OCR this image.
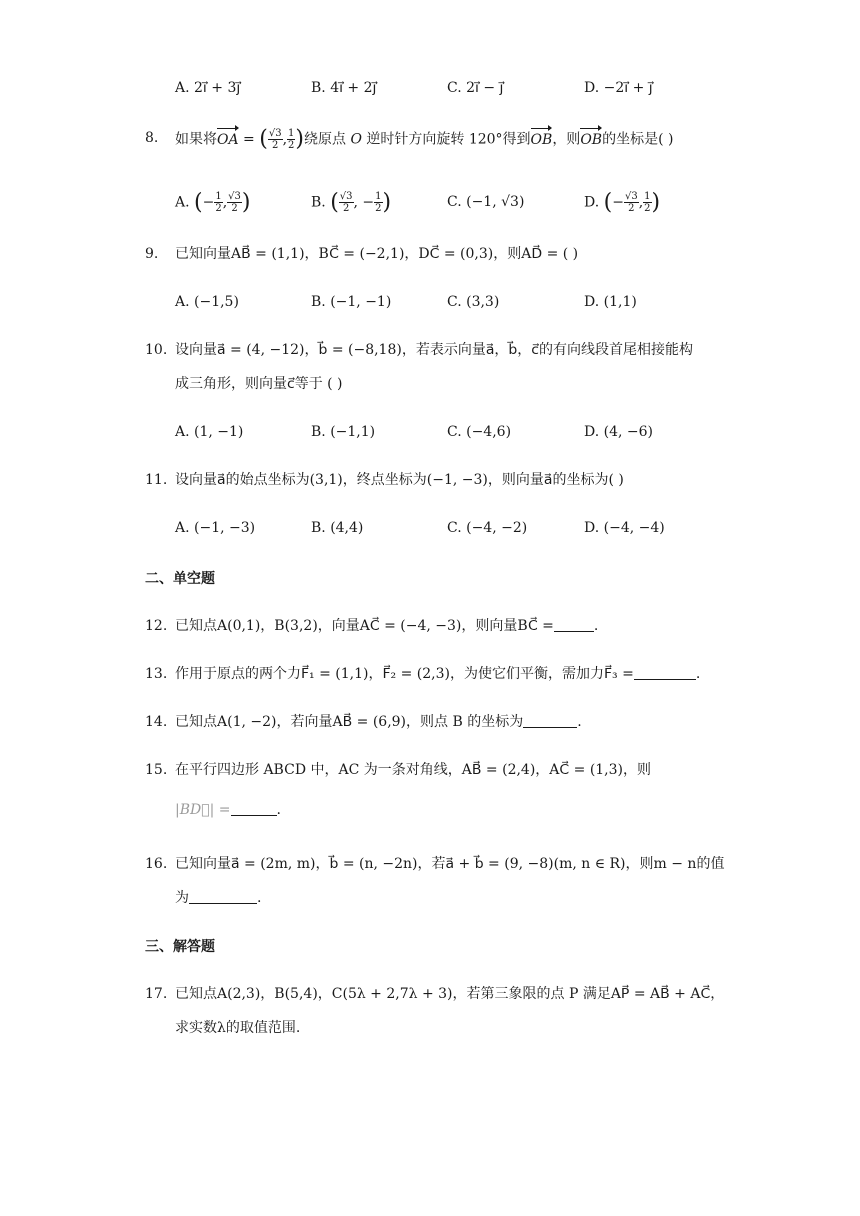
A. 2i⃗ + 3j⃗	B. 4i⃗ + 2j⃗	C. 2i⃗ − j⃗	D. −2i⃗ + j⃗
8. 如果将OA = ( $\frac{√3}{2}$ , $\frac{1}{2}$ )绕原点 O 逆时针方向旋转 120°得到OB，则OB的坐标是( )
A. (− $\frac{1}{2}$ , $\frac{√3}{2}$ )	B. ( $\frac{√3}{2}$ , − $\frac{1}{2}$ )	C. (−1, √3)	D. (− $\frac{√3}{2}$ , $\frac{1}{2}$ )
9. 已知向量AB⃗ = (1,1)，BC⃗ = (−2,1)，DC⃗ = (0,3)，则AD⃗ = ( )
A. (−1,5)	B. (−1, −1)	C. (3,3)	D. (1,1)
10. 设向量a⃗ = (4, −12)，b⃗ = (−8,18)，若表示向量a⃗，b⃗，c⃗的有向线段首尾相接能构
成三角形，则向量c⃗等于 ( )
A. (1, −1)	B. (−1,1)	C. (−4,6)	D. (4, −6)
11. 设向量a⃗的始点坐标为(3,1)，终点坐标为(−1, −3)，则向量a⃗的坐标为( )
A. (−1, −3)	B. (4,4)	C. (−4, −2)	D. (−4, −4)
二、单空题
12. 已知点A(0,1)，B(3,2)，向量AC⃗ = (−4, −3)，则向量BC⃗ =	.
13. 作用于原点的两个力F⃗₁ = (1,1)，F⃗₂ = (2,3)，为使它们平衡，需加力F⃗₃ =	.
14. 已知点A(1, −2)，若向量AB⃗ = (6,9)，则点 B 的坐标为	.
15. 在平行四边形 ABCD 中，AC 为一条对角线，AB⃗ = (2,4)，AC⃗ = (1,3)，则
|BD⃗| =	.
16. 已知向量a⃗ = (2m, m)，b⃗ = (n, −2n)，若a⃗ + b⃗ = (9, −8)(m, n ∈ R)，则m − n的值
为	.
三、解答题
17. 已知点A(2,3)，B(5,4)，C(5λ + 2,7λ + 3)，若第三象限的点 P 满足AP⃗ = AB⃗ + AC⃗，
求实数λ的取值范围.
